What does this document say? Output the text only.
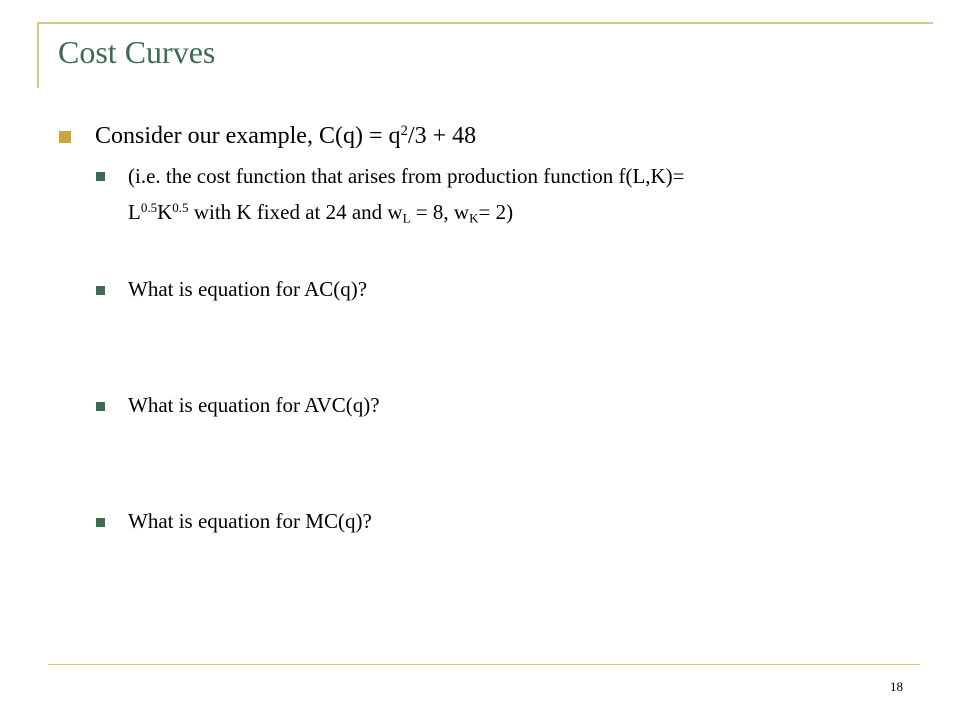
Cost Curves
Consider our example, $C(q) = q^2/3 + 48$
(i.e. the cost function that arises from production function f(L,K)=
$L^{0.5}K^{0.5}$ with K fixed at 24 and $w_L = 8$, $w_K= 2$)
What is equation for AC(q)?
What is equation for AVC(q)?
What is equation for MC(q)?
18
